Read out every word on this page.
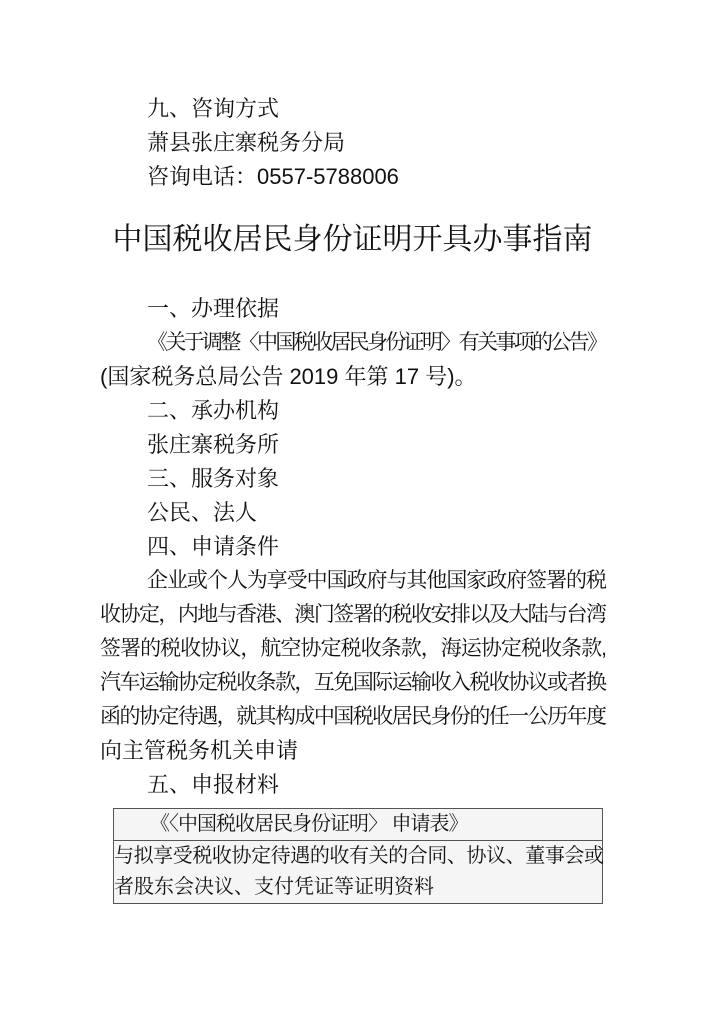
九、咨询方式

萧县张庄寨税务分局

咨询电话：0557-5788006

中国税收居民身份证明开具办事指南

一、办理依据

《关于调整〈中国税收居民身份证明〉有关事项的公告》

(国家税务总局公告 2019 年第 17 号)。

二、承办机构

张庄寨税务所

三、服务对象

公民、法人

四、申请条件

企业或个人为享受中国政府与其他国家政府签署的税

收协定，内地与香港、澳门签署的税收安排以及大陆与台湾

签署的税收协议，航空协定税收条款，海运协定税收条款,

汽车运输协定税收条款，互免国际运输收入税收协议或者换

函的协定待遇，就其构成中国税收居民身份的任一公历年度

向主管税务机关申请

五、申报材料

《〈中国税收居民身份证明〉 申请表》

与拟享受税收协定待遇的收有关的合同、协议、董事会或

者股东会决议、支付凭证等证明资料
